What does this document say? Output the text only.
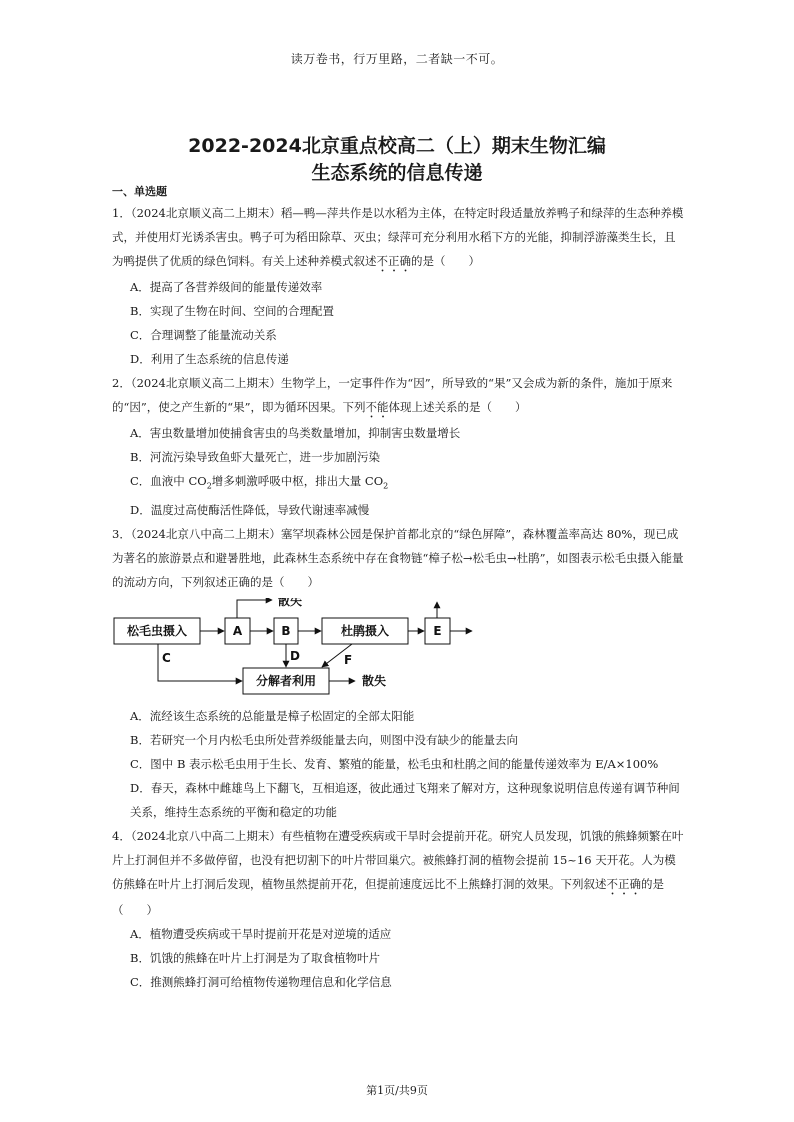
读万卷书，行万里路，二者缺一不可。
2022-2024北京重点校高二（上）期末生物汇编
生态系统的信息传递
一、单选题

1．（2024北京顺义高二上期末）稻—鸭—萍共作是以水稻为主体，在特定时段适量放养鸭子和绿萍的生态种养模式，并使用灯光诱杀害虫。鸭子可为稻田除草、灭虫；绿萍可充分利用水稻下方的光能，抑制浮游藻类生长，且为鸭提供了优质的绿色饲料。有关上述种养模式叙述不正确的是（　　）

A．提高了各营养级间的能量传递效率

B．实现了生物在时间、空间的合理配置

C．合理调整了能量流动关系

D．利用了生态系统的信息传递

2．（2024北京顺义高二上期末）生物学上，一定事件作为“因”，所导致的“果”又会成为新的条件，施加于原来的“因”，使之产生新的“果”，即为循环因果。下列不能体现上述关系的是（　　）

A．害虫数量增加使捕食害虫的鸟类数量增加，抑制害虫数量增长

B．河流污染导致鱼虾大量死亡，进一步加剧污染

C．血液中 $CO_2$增多刺激呼吸中枢，排出大量 $CO_2$

D．温度过高使酶活性降低，导致代谢速率减慢

3．（2024北京八中高二上期末）塞罕坝森林公园是保护首都北京的“绿色屏障”，森林覆盖率高达 80%，现已成为著名的旅游景点和避暑胜地，此森林生态系统中存在食物链“樟子松→松毛虫→杜鹃”，如图表示松毛虫摄入能量的流动方向，下列叙述正确的是（　　）

松毛虫摄入	A	B	杜鹃摄入	E
分解者利用
散失
散失
C	D	F

A．流经该生态系统的总能量是樟子松固定的全部太阳能

B．若研究一个月内松毛虫所处营养级能量去向，则图中没有缺少的能量去向

C．图中 B 表示松毛虫用于生长、发育、繁殖的能量，松毛虫和杜鹃之间的能量传递效率为 E/A×100%

D．春天，森林中雌雄鸟上下翻飞，互相追逐，彼此通过飞翔来了解对方，这种现象说明信息传递有调节种间关系，维持生态系统的平衡和稳定的功能

4．（2024北京八中高二上期末）有些植物在遭受疾病或干旱时会提前开花。研究人员发现，饥饿的熊蜂频繁在叶片上打洞但并不多做停留，也没有把切割下的叶片带回巢穴。被熊蜂打洞的植物会提前 15~16 天开花。人为模仿熊蜂在叶片上打洞后发现，植物虽然提前开花，但提前速度远比不上熊蜂打洞的效果。下列叙述不正确的是（　　）

A．植物遭受疾病或干旱时提前开花是对逆境的适应

B．饥饿的熊蜂在叶片上打洞是为了取食植物叶片

C．推测熊蜂打洞可给植物传递物理信息和化学信息

第1页/共9页
